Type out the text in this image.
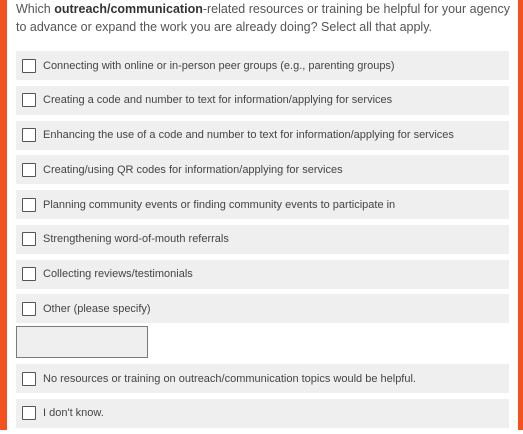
Which outreach/communication-related resources or training be helpful for your agency to advance or expand the work you are already doing? Select all that apply.
Connecting with online or in-person peer groups (e.g., parenting groups)
Creating a code and number to text for information/applying for services
Enhancing the use of a code and number to text for information/applying for services
Creating/using QR codes for information/applying for services
Planning community events or finding community events to participate in
Strengthening word-of-mouth referrals
Collecting reviews/testimonials
Other (please specify)
No resources or training on outreach/communication topics would be helpful.
I don't know.
